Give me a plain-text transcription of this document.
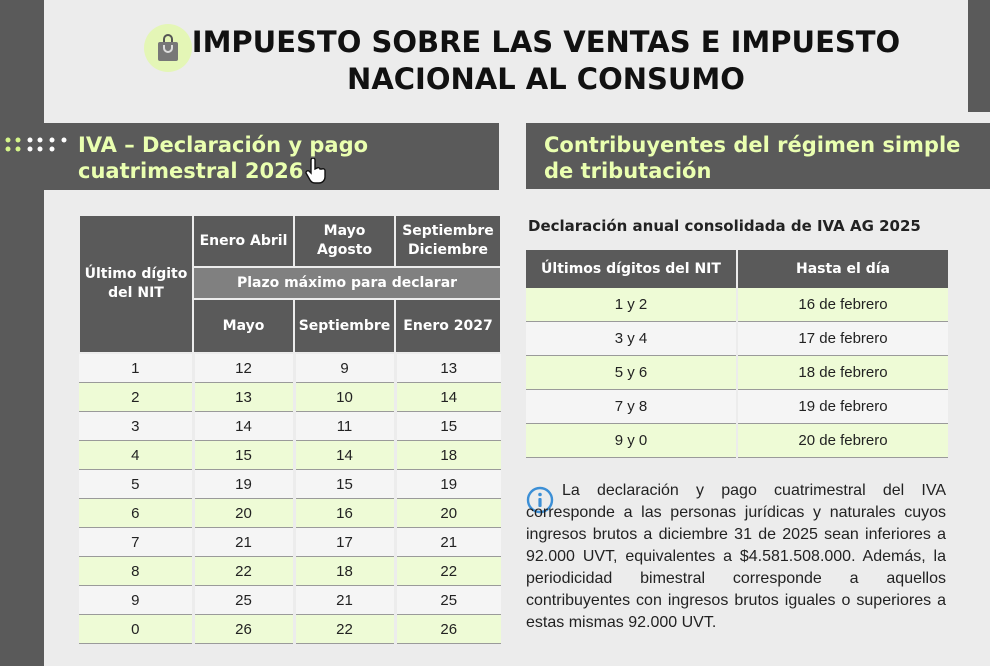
IMPUESTO SOBRE LAS VENTAS E IMPUESTO NACIONAL AL CONSUMO
IVA – Declaración y pago
cuatrimestral 2026
Último dígito del NIT	Enero Abril	Mayo Agosto	Septiembre Diciembre
	Plazo máximo para declarar		
	Mayo	Septiembre	Enero 2027
1	12	9	13
2	13	10	14
3	14	11	15
4	15	14	18
5	19	15	19
6	20	16	20
7	21	17	21
8	22	18	22
9	25	21	25
0	26	22	26
Contribuyentes del régimen simple
de tributación

Declaración anual consolidada de IVA AG 2025

Últimos dígitos del NIT	Hasta el día
1 y 2	16 de febrero
3 y 4	17 de febrero
5 y 6	18 de febrero
7 y 8	19 de febrero
9 y 0	20 de febrero

La declaración y pago cuatrimestral del IVA corresponde a las personas jurídicas y naturales cuyos ingresos brutos a diciembre 31 de 2025 sean inferiores a 92.000 UVT, equivalentes a $4.581.508.000. Además, la periodicidad bimestral corresponde a aquellos contribuyentes con ingresos brutos iguales o superiores a estas mismas 92.000 UVT.
